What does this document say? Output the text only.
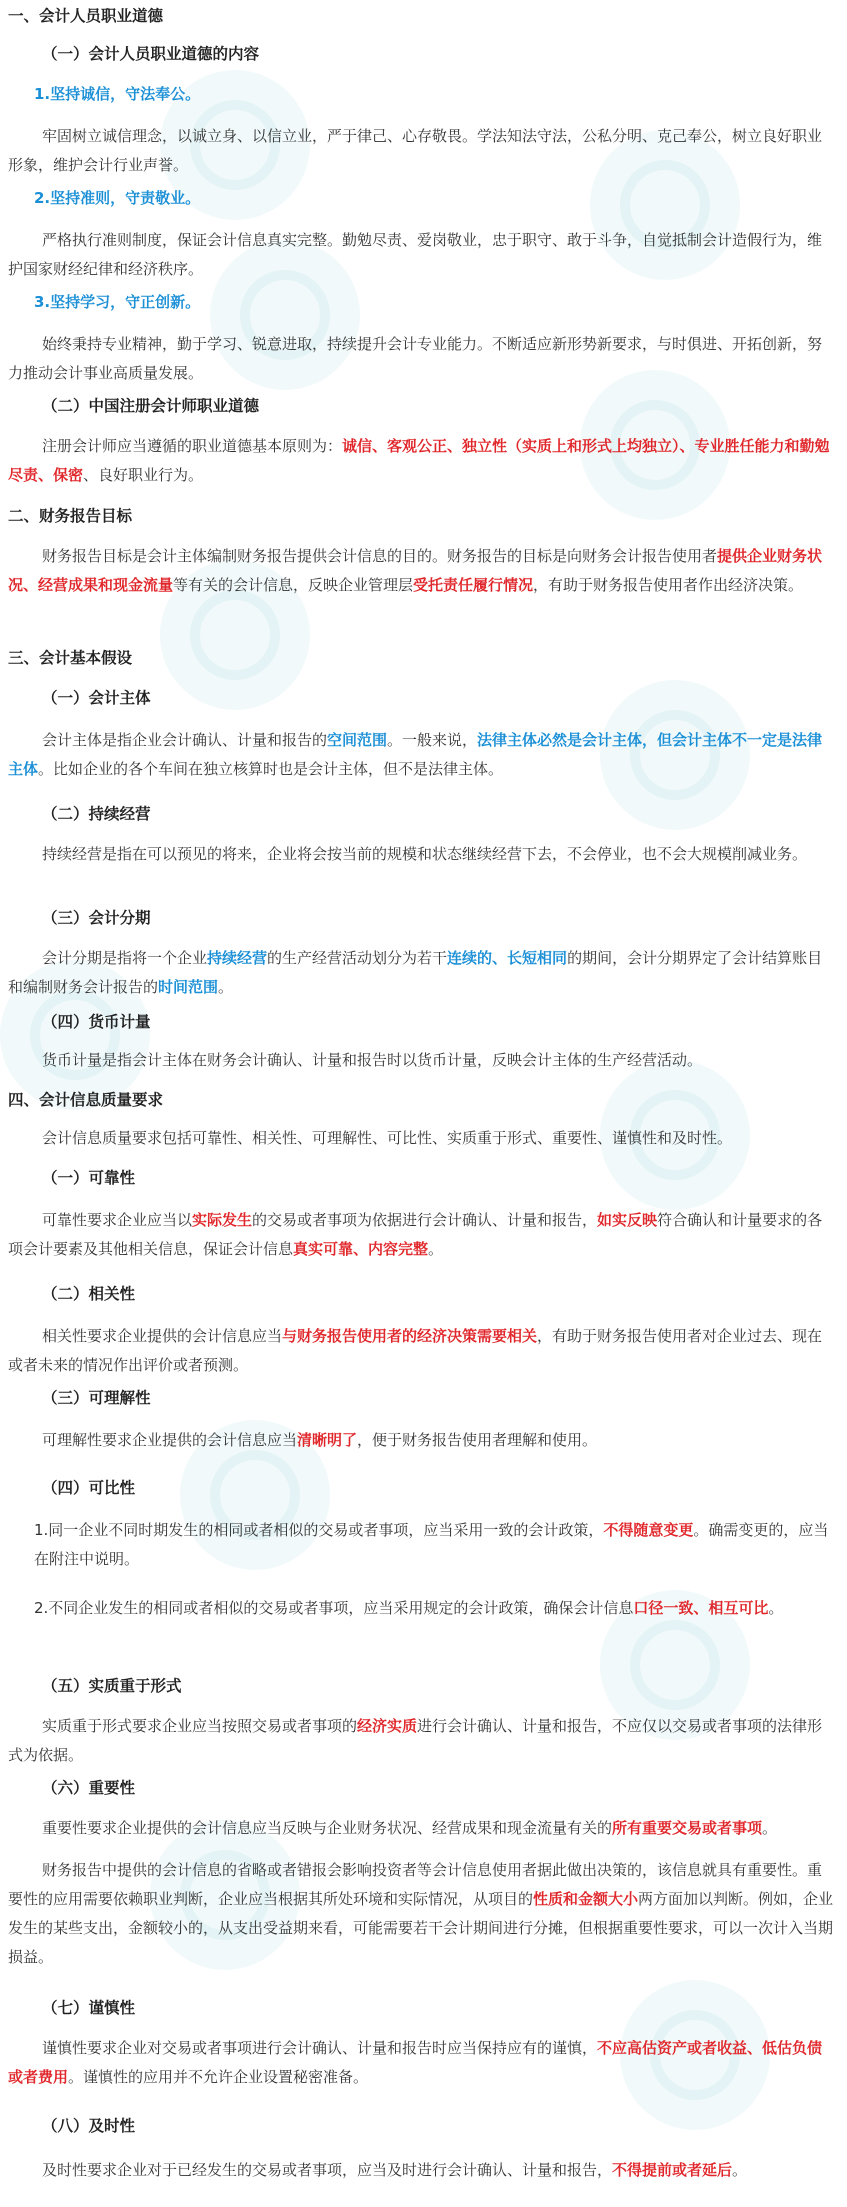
一、会计人员职业道德
（一）会计人员职业道德的内容
1.坚持诚信，守法奉公。
牢固树立诚信理念，以诚立身、以信立业，严于律己、心存敬畏。学法知法守法，公私分明、克己奉公，树立良好职业形象，维护会计行业声誉。
2.坚持准则，守责敬业。
严格执行准则制度，保证会计信息真实完整。勤勉尽责、爱岗敬业，忠于职守、敢于斗争，自觉抵制会计造假行为，维护国家财经纪律和经济秩序。
3.坚持学习，守正创新。
始终秉持专业精神，勤于学习、锐意进取，持续提升会计专业能力。不断适应新形势新要求，与时俱进、开拓创新，努力推动会计事业高质量发展。
（二）中国注册会计师职业道德
注册会计师应当遵循的职业道德基本原则为：诚信、客观公正、独立性（实质上和形式上均独立）、专业胜任能力和勤勉尽责、保密、良好职业行为。
二、财务报告目标
财务报告目标是会计主体编制财务报告提供会计信息的目的。财务报告的目标是向财务会计报告使用者提供企业财务状况、经营成果和现金流量等有关的会计信息，反映企业管理层受托责任履行情况，有助于财务报告使用者作出经济决策。
三、会计基本假设
（一）会计主体
会计主体是指企业会计确认、计量和报告的空间范围。一般来说，法律主体必然是会计主体，但会计主体不一定是法律主体。比如企业的各个车间在独立核算时也是会计主体，但不是法律主体。
（二）持续经营
持续经营是指在可以预见的将来，企业将会按当前的规模和状态继续经营下去，不会停业，也不会大规模削减业务。
（三）会计分期
会计分期是指将一个企业持续经营的生产经营活动划分为若干连续的、长短相同的期间，会计分期界定了会计结算账目和编制财务会计报告的时间范围。
（四）货币计量
货币计量是指会计主体在财务会计确认、计量和报告时以货币计量，反映会计主体的生产经营活动。
四、会计信息质量要求
会计信息质量要求包括可靠性、相关性、可理解性、可比性、实质重于形式、重要性、谨慎性和及时性。
（一）可靠性
可靠性要求企业应当以实际发生的交易或者事项为依据进行会计确认、计量和报告，如实反映符合确认和计量要求的各项会计要素及其他相关信息，保证会计信息真实可靠、内容完整。
（二）相关性
相关性要求企业提供的会计信息应当与财务报告使用者的经济决策需要相关，有助于财务报告使用者对企业过去、现在或者未来的情况作出评价或者预测。
（三）可理解性
可理解性要求企业提供的会计信息应当清晰明了，便于财务报告使用者理解和使用。
（四）可比性
1.同一企业不同时期发生的相同或者相似的交易或者事项，应当采用一致的会计政策，不得随意变更。确需变更的，应当在附注中说明。
2.不同企业发生的相同或者相似的交易或者事项，应当采用规定的会计政策，确保会计信息口径一致、相互可比。
（五）实质重于形式
实质重于形式要求企业应当按照交易或者事项的经济实质进行会计确认、计量和报告，不应仅以交易或者事项的法律形式为依据。
（六）重要性
重要性要求企业提供的会计信息应当反映与企业财务状况、经营成果和现金流量有关的所有重要交易或者事项。
财务报告中提供的会计信息的省略或者错报会影响投资者等会计信息使用者据此做出决策的，该信息就具有重要性。重要性的应用需要依赖职业判断，企业应当根据其所处环境和实际情况，从项目的性质和金额大小两方面加以判断。例如，企业发生的某些支出，金额较小的，从支出受益期来看，可能需要若干会计期间进行分摊，但根据重要性要求，可以一次计入当期损益。
（七）谨慎性
谨慎性要求企业对交易或者事项进行会计确认、计量和报告时应当保持应有的谨慎，不应高估资产或者收益、低估负债或者费用。谨慎性的应用并不允许企业设置秘密准备。
（八）及时性
及时性要求企业对于已经发生的交易或者事项，应当及时进行会计确认、计量和报告，不得提前或者延后。
